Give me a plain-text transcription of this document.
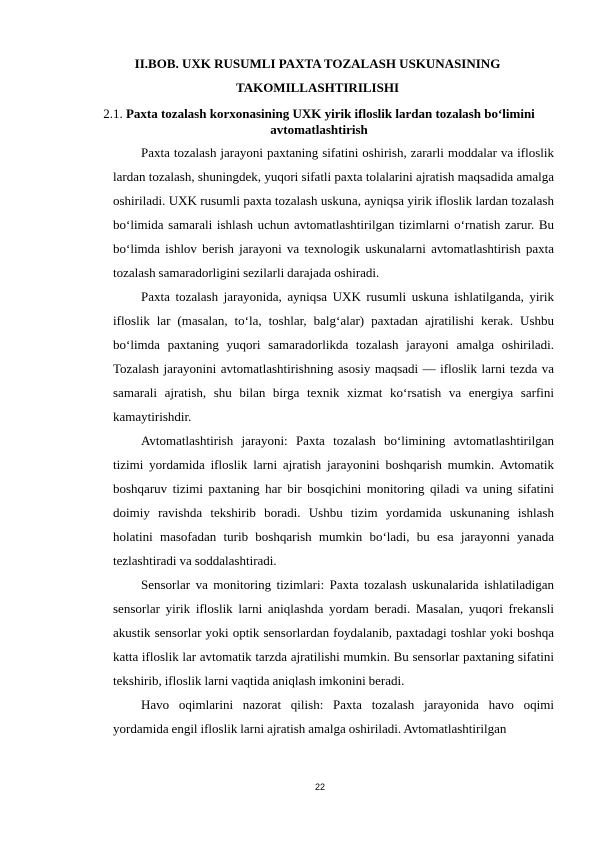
II.BOB. UXK RUSUMLI PAXTA TOZALASH USKUNASINING TAKOMILLASHTIRILISHI
2.1. Paxta tozalash korxonasining UXK yirik ifloslik lardan tozalash bo‘limini avtomatlashtirish

Paxta tozalash jarayoni paxtaning sifatini oshirish, zararli moddalar va ifloslik lardan tozalash, shuningdek, yuqori sifatli paxta tolalarini ajratish maqsadida amalga oshiriladi. UXK rusumli paxta tozalash uskuna, ayniqsa yirik ifloslik lardan tozalash bo‘limida samarali ishlash uchun avtomatlashtirilgan tizimlarni o‘rnatish zarur. Bu bo‘limda ishlov berish jarayoni va texnologik uskunalarni avtomatlashtirish paxta tozalash samaradorligini sezilarli darajada oshiradi.

Paxta tozalash jarayonida, ayniqsa UXK rusumli uskuna ishlatilganda, yirik ifloslik lar (masalan, to‘la, toshlar, balg‘alar) paxtadan ajratilishi kerak. Ushbu bo‘limda paxtaning yuqori samaradorlikda tozalash jarayoni amalga oshiriladi. Tozalash jarayonini avtomatlashtirishning asosiy maqsadi — ifloslik larni tezda va samarali ajratish, shu bilan birga texnik xizmat ko‘rsatish va energiya sarfini kamaytirishdir.

Avtomatlashtirish jarayoni: Paxta tozalash bo‘limining avtomatlashtirilgan tizimi yordamida ifloslik larni ajratish jarayonini boshqarish mumkin. Avtomatik boshqaruv tizimi paxtaning har bir bosqichini monitoring qiladi va uning sifatini doimiy ravishda tekshirib boradi. Ushbu tizim yordamida uskunaning ishlash holatini masofadan turib boshqarish mumkin bo‘ladi, bu esa jarayonni yanada tezlashtiradi va soddalashtiradi.

Sensorlar va monitoring tizimlari: Paxta tozalash uskunalarida ishlatiladigan sensorlar yirik ifloslik larni aniqlashda yordam beradi. Masalan, yuqori frekansli akustik sensorlar yoki optik sensorlardan foydalanib, paxtadagi toshlar yoki boshqa katta ifloslik lar avtomatik tarzda ajratilishi mumkin. Bu sensorlar paxtaning sifatini tekshirib, ifloslik larni vaqtida aniqlash imkonini beradi.

Havo oqimlarini nazorat qilish: Paxta tozalash jarayonida havo oqimi yordamida engil ifloslik larni ajratish amalga oshiriladi. Avtomatlashtirilgan

22
